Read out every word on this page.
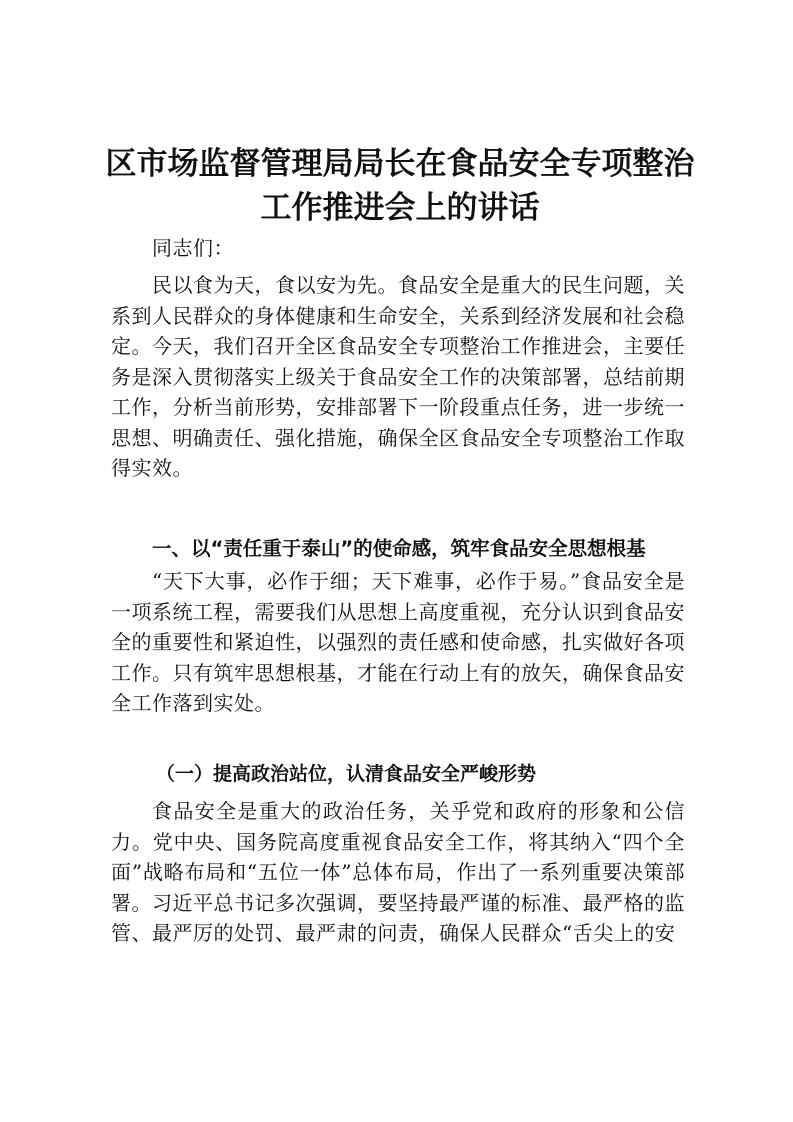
区市场监督管理局局长在食品安全专项整治工作推进会上的讲话

同志们：

民以食为天，食以安为先。食品安全是重大的民生问题，关系到人民群众的身体健康和生命安全，关系到经济发展和社会稳定。今天，我们召开全区食品安全专项整治工作推进会，主要任务是深入贯彻落实上级关于食品安全工作的决策部署，总结前期工作，分析当前形势，安排部署下一阶段重点任务，进一步统一思想、明确责任、强化措施，确保全区食品安全专项整治工作取得实效。

一、以“责任重于泰山”的使命感，筑牢食品安全思想根基

“天下大事，必作于细；天下难事，必作于易。”食品安全是一项系统工程，需要我们从思想上高度重视，充分认识到食品安全的重要性和紧迫性，以强烈的责任感和使命感，扎实做好各项工作。只有筑牢思想根基，才能在行动上有的放矢，确保食品安全工作落到实处。

（一）提高政治站位，认清食品安全严峻形势

食品安全是重大的政治任务，关乎党和政府的形象和公信力。党中央、国务院高度重视食品安全工作，将其纳入“四个全面”战略布局和“五位一体”总体布局，作出了一系列重要决策部署。习近平总书记多次强调，要坚持最严谨的标准、最严格的监管、最严厉的处罚、最严肃的问责，确保人民群众“舌尖上的安
